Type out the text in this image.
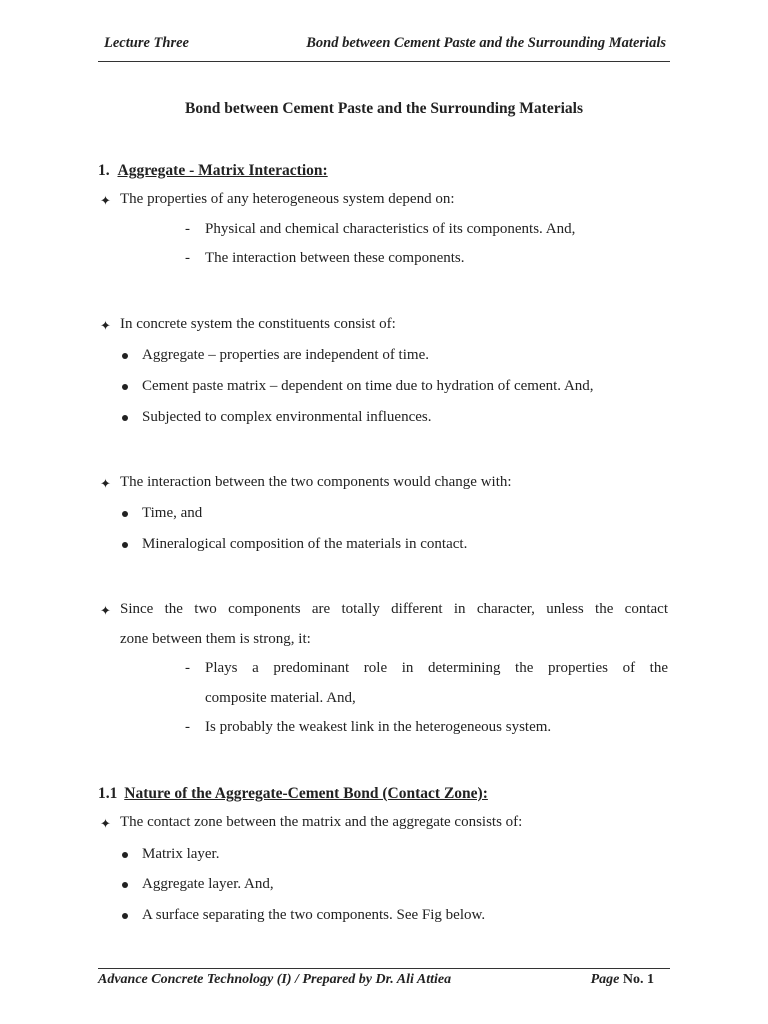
Lecture Three	Bond between Cement Paste and the Surrounding Materials
Bond between Cement Paste and the Surrounding Materials
1. Aggregate - Matrix Interaction:
✦ The properties of any heterogeneous system depend on:
- Physical and chemical characteristics of its components. And,
- The interaction between these components.
✦ In concrete system the constituents consist of:
Aggregate – properties are independent of time.
Cement paste matrix – dependent on time due to hydration of cement. And,
Subjected to complex environmental influences.
✦ The interaction between the two components would change with:
Time, and
Mineralogical composition of the materials in contact.
✦ Since the two components are totally different in character, unless the contact
zone between them is strong, it:
- Plays a predominant role in determining the properties of the
composite material. And,
- Is probably the weakest link in the heterogeneous system.
1.1 Nature of the Aggregate-Cement Bond (Contact Zone):
✦ The contact zone between the matrix and the aggregate consists of:
Matrix layer.
Aggregate layer. And,
A surface separating the two components. See Fig below.
Advance Concrete Technology (I) / Prepared by Dr. Ali Attiea	Page No. 1
